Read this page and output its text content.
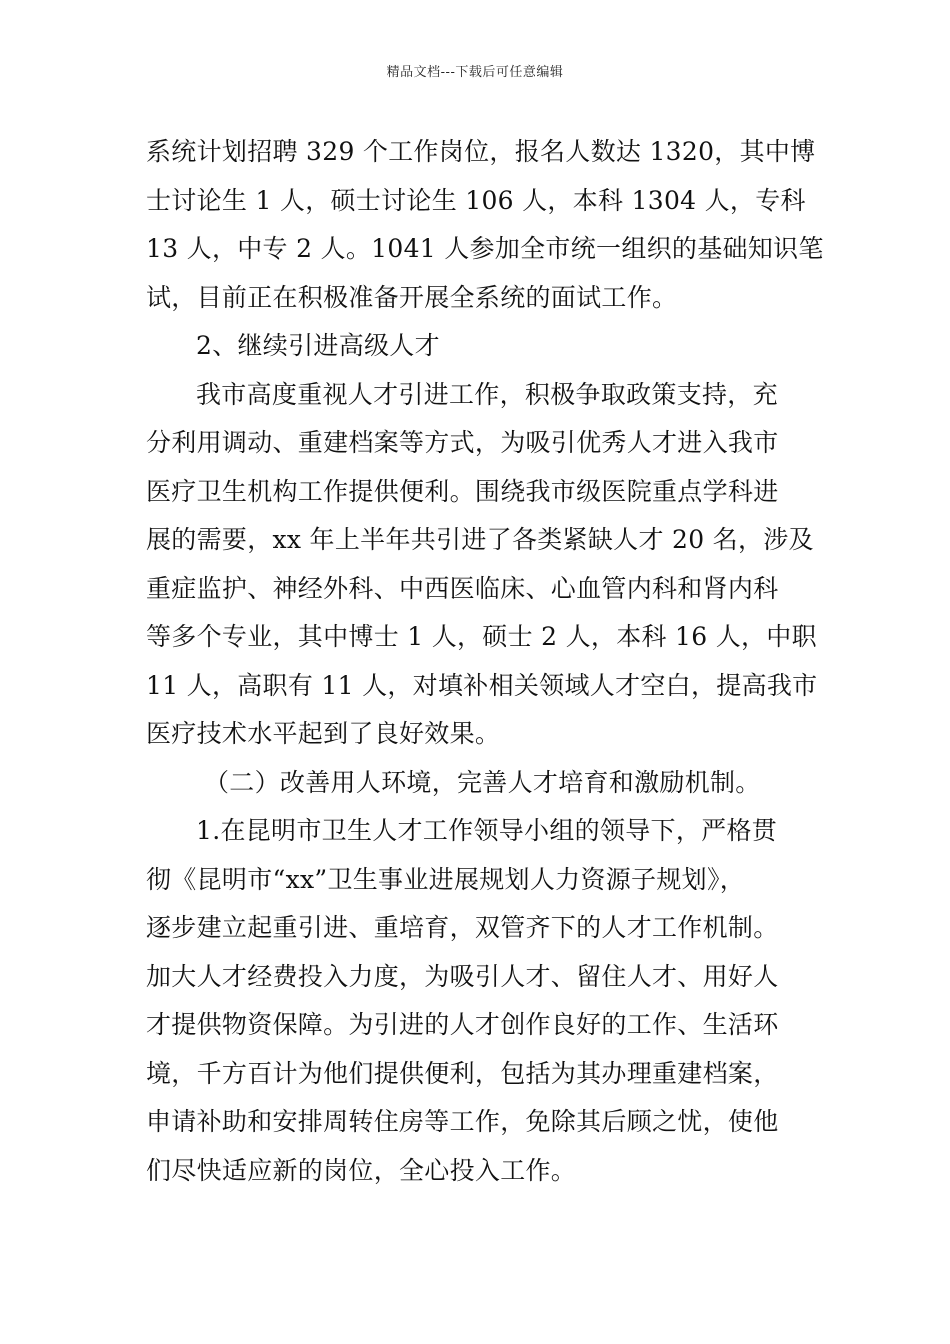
精品文档---下载后可任意编辑
系统计划招聘 329 个工作岗位，报名人数达 1320，其中博
士讨论生 1 人，硕士讨论生 106 人，本科 1304 人，专科
13 人，中专 2 人。1041 人参加全市统一组织的基础知识笔
试，目前正在积极准备开展全系统的面试工作。
2、继续引进高级人才
我市高度重视人才引进工作，积极争取政策支持，充
分利用调动、重建档案等方式，为吸引优秀人才进入我市
医疗卫生机构工作提供便利。围绕我市级医院重点学科进
展的需要，xx 年上半年共引进了各类紧缺人才 20 名，涉及
重症监护、神经外科、中西医临床、心血管内科和肾内科
等多个专业，其中博士 1 人，硕士 2 人，本科 16 人，中职
11 人，高职有 11 人，对填补相关领域人才空白，提高我市
医疗技术水平起到了良好效果。
（二）改善用人环境，完善人才培育和激励机制。
1.在昆明市卫生人才工作领导小组的领导下，严格贯
彻《昆明市“xx”卫生事业进展规划人力资源子规划》，
逐步建立起重引进、重培育，双管齐下的人才工作机制。
加大人才经费投入力度，为吸引人才、留住人才、用好人
才提供物资保障。为引进的人才创作良好的工作、生活环
境，千方百计为他们提供便利，包括为其办理重建档案，
申请补助和安排周转住房等工作，免除其后顾之忧，使他
们尽快适应新的岗位，全心投入工作。
